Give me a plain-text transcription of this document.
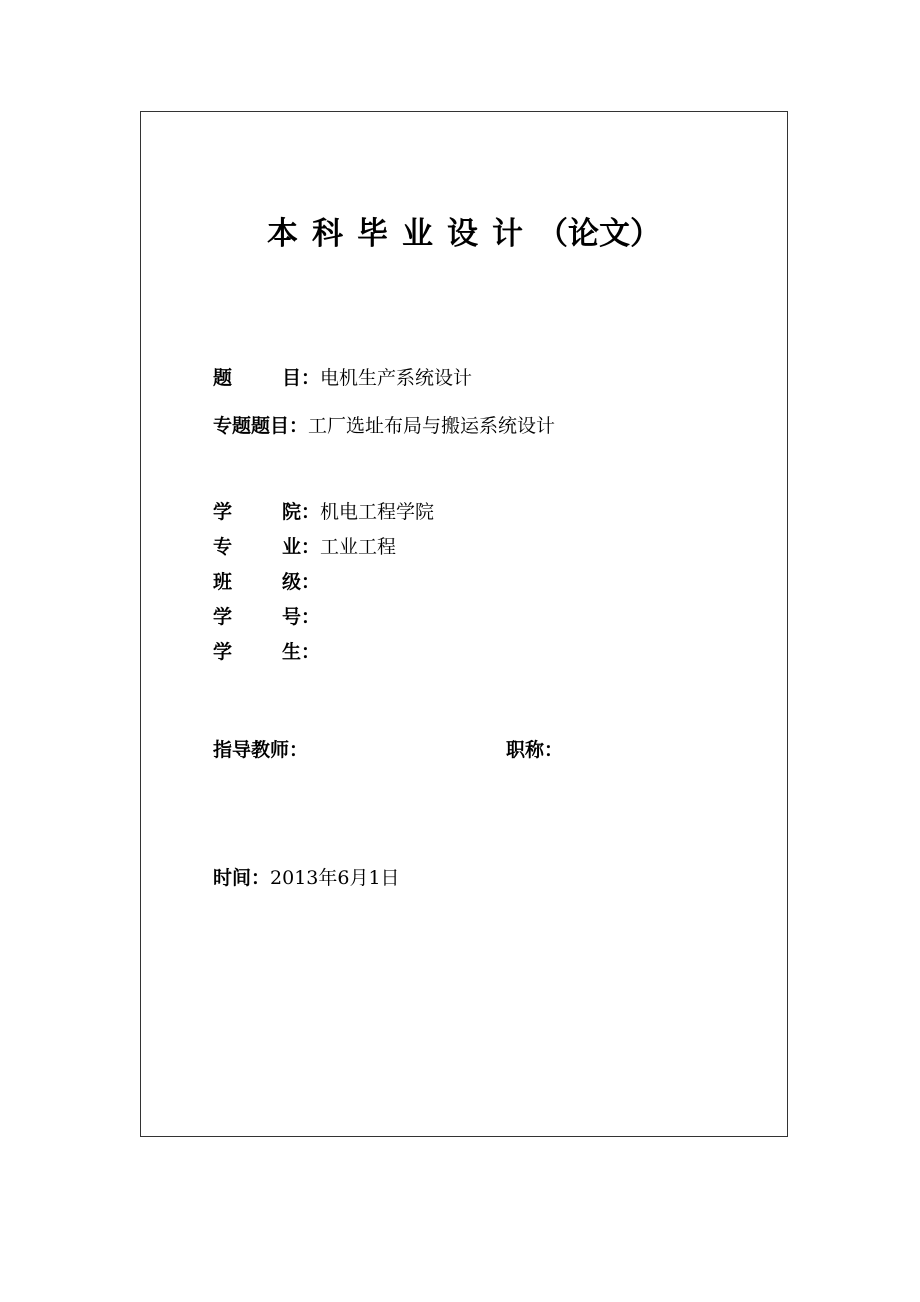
本科毕业设计（论文）
题	目 ：电机生产系统设计
专题题目：工厂选址布局与搬运系统设计
学	院 ：机电工程学院
专	业 ：工业工程
班	级 ：
学	号 ：
学	生 ：
指导教师：	职称：
时间：2013年6月1日
